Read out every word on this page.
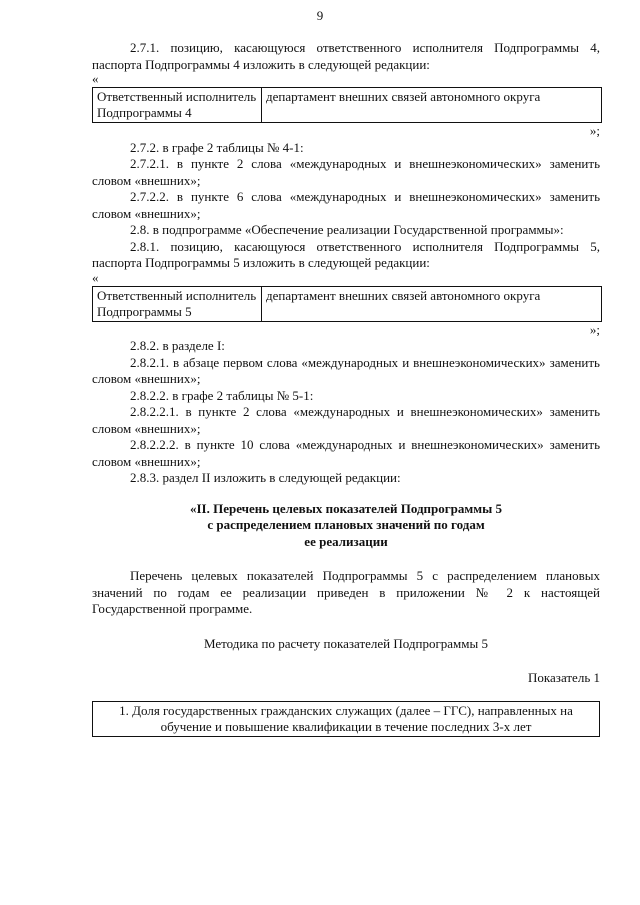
9

2.7.1. позицию, касающуюся ответственного исполнителя Подпрограммы 4, паспорта Подпрограммы 4 изложить в следующей редакции:

«

Ответственный исполнитель Подпрограммы 4	департамент внешних связей автономного округа

»;

2.7.2. в графе 2 таблицы № 4-1:

2.7.2.1. в пункте 2 слова «международных и внешнеэкономических» заменить словом «внешних»;

2.7.2.2. в пункте 6 слова «международных и внешнеэкономических» заменить словом «внешних»;

2.8. в подпрограмме «Обеспечение реализации Государственной программы»:

2.8.1. позицию, касающуюся ответственного исполнителя Подпрограммы 5, паспорта Подпрограммы 5 изложить в следующей редакции:

«

Ответственный исполнитель Подпрограммы 5	департамент внешних связей автономного округа

»;

2.8.2. в разделе I:

2.8.2.1. в абзаце первом слова «международных и внешнеэкономических» заменить словом «внешних»;

2.8.2.2. в графе 2 таблицы № 5-1:

2.8.2.2.1. в пункте 2 слова «международных и внешнеэкономических» заменить словом «внешних»;

2.8.2.2.2. в пункте 10 слова «международных и внешнеэкономических» заменить словом «внешних»;

2.8.3. раздел II изложить в следующей редакции:

«II. Перечень целевых показателей Подпрограммы 5
с распределением плановых значений по годам
ее реализации

Перечень целевых показателей Подпрограммы 5 с распределением плановых значений по годам ее реализации приведен в приложении № 2 к настоящей Государственной программе.

Методика по расчету показателей Подпрограммы 5

Показатель 1

1. Доля государственных гражданских служащих (далее – ГГС), направленных на обучение и повышение квалификации в течение последних 3-х лет
